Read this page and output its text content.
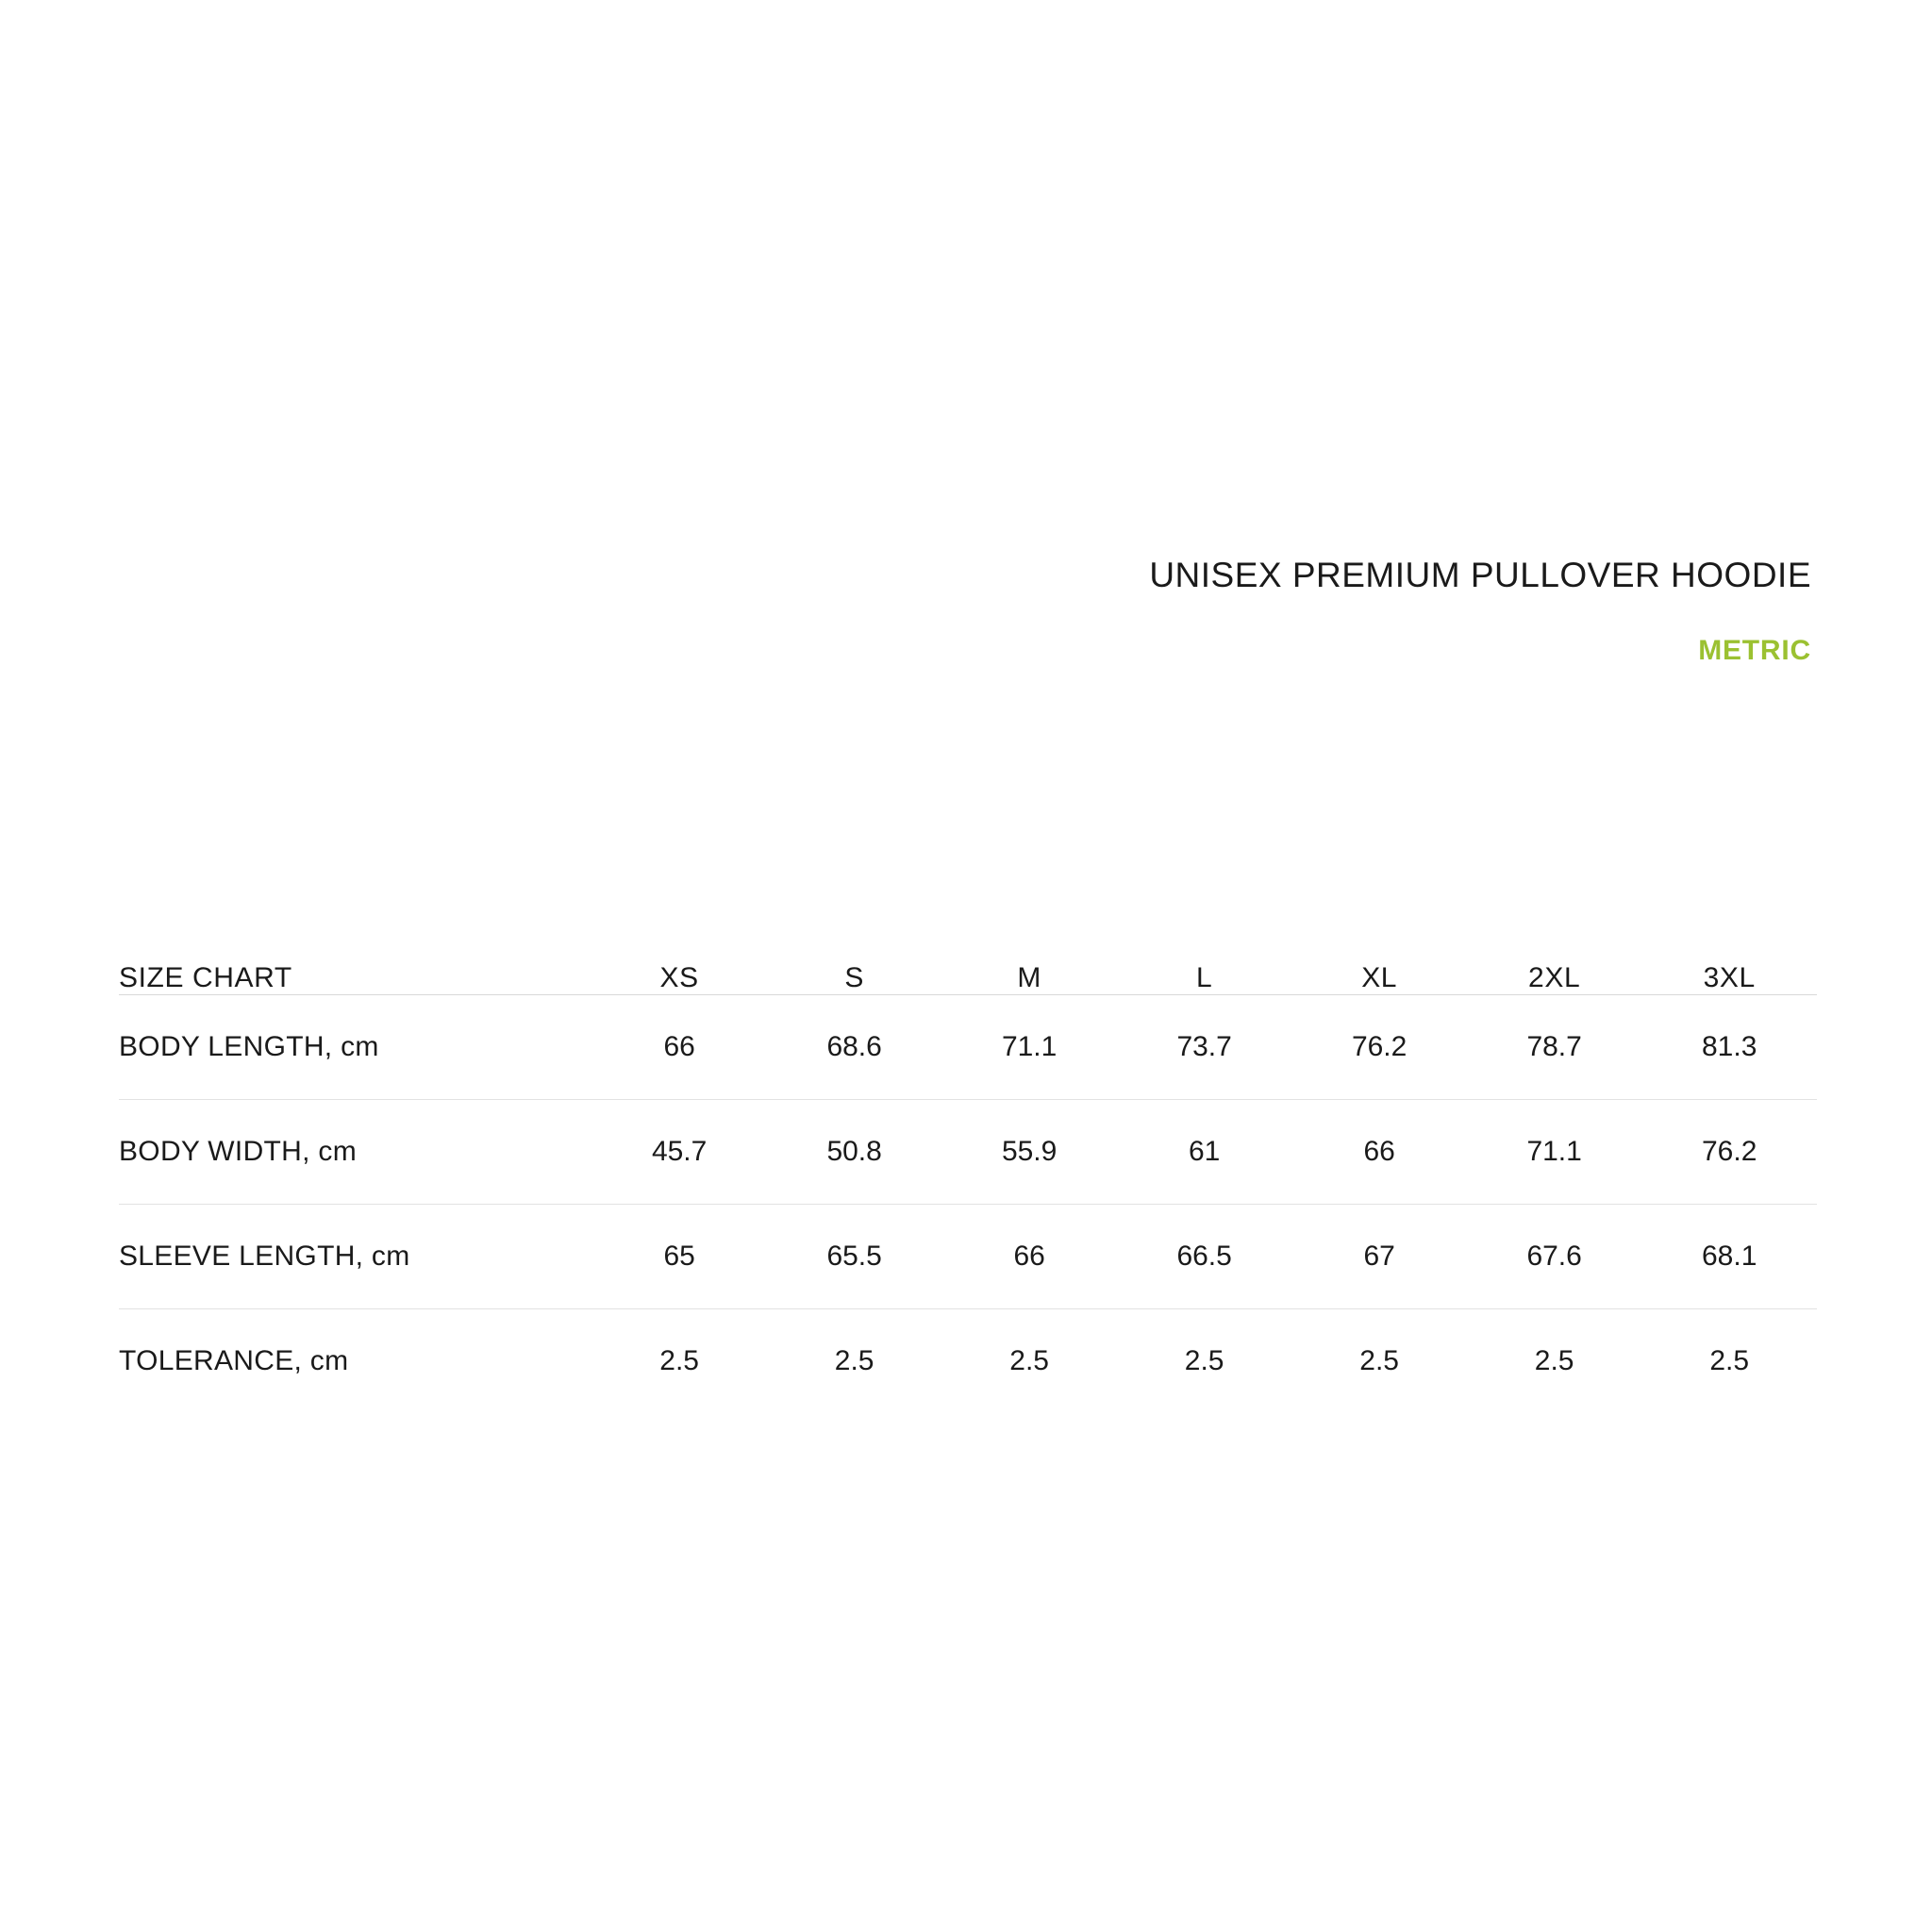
UNISEX PREMIUM PULLOVER HOODIE
METRIC
SIZE CHART	XS	S	M	L	XL	2XL	3XL
BODY LENGTH, cm	66	68.6	71.1	73.7	76.2	78.7	81.3
BODY WIDTH, cm	45.7	50.8	55.9	61	66	71.1	76.2
SLEEVE LENGTH, cm	65	65.5	66	66.5	67	67.6	68.1
TOLERANCE, cm	2.5	2.5	2.5	2.5	2.5	2.5	2.5
